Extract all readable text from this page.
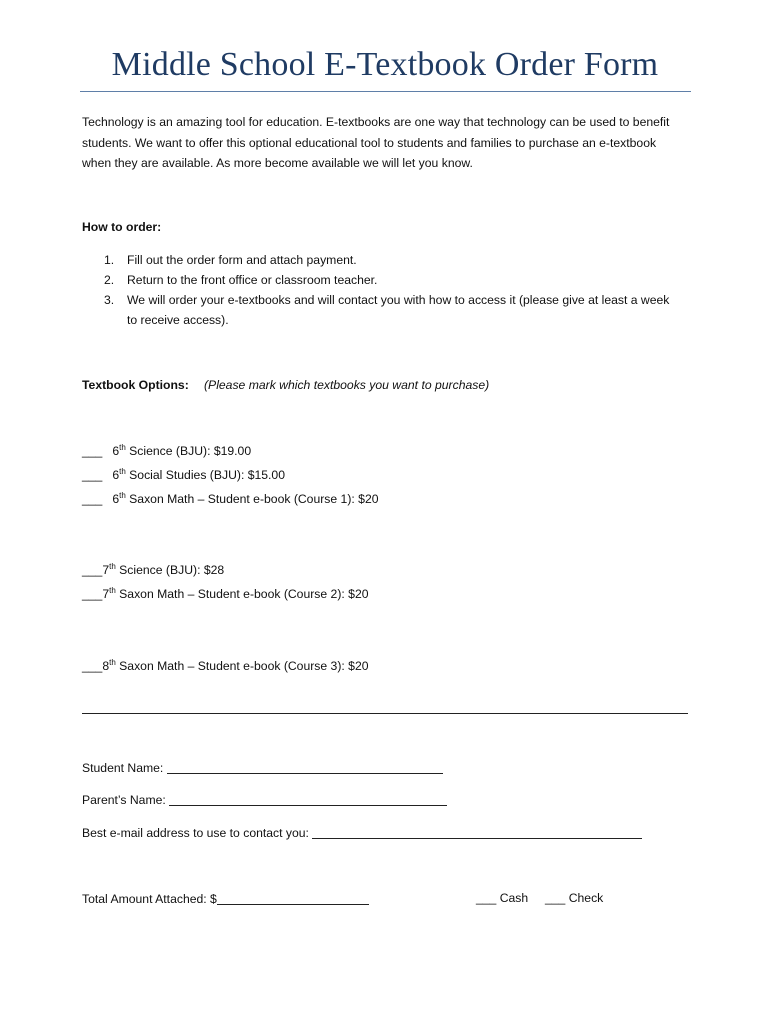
Middle School E-Textbook Order Form

Technology is an amazing tool for education. E-textbooks are one way that technology can be used to benefit students. We want to offer this optional educational tool to students and families to purchase an e-textbook when they are available. As more become available we will let you know.

How to order:
1. Fill out the order form and attach payment.
2. Return to the front office or classroom teacher.
3. We will order your e-textbooks and will contact you with how to access it (please give at least a week to receive access).
Textbook Options: (Please mark which textbooks you want to purchase)
___ 6th Science (BJU): $19.00
___ 6th Social Studies (BJU): $15.00
___ 6th Saxon Math – Student e-book (Course 1): $20
___7th Science (BJU): $28
___7th Saxon Math – Student e-book (Course 2): $20
___8th Saxon Math – Student e-book (Course 3): $20
Student Name:
Parent’s Name:
Best e-mail address to use to contact you:
Total Amount Attached: $	___ Cash ___ Check
